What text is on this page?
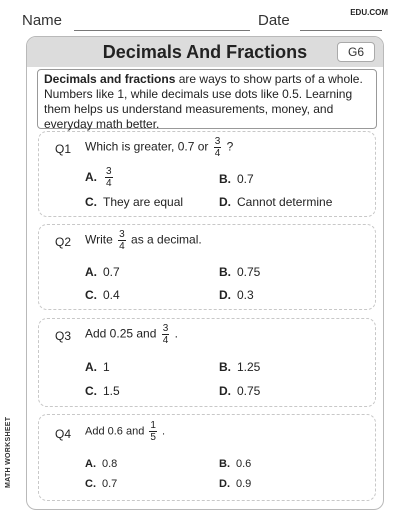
Name	Date	EDU.COM
Decimals And Fractions	G6
Decimals and fractions are ways to show parts of a whole. Numbers like 1, while decimals use dots like 0.5. Learning them helps us understand measurements, money, and everyday math better.
Q1 Which is greater, 0.7 or $\frac{3}{4}$ ?
A. $\frac{3}{4}$	B. 0.7
C. They are equal	D. Cannot determine
Q2 Write $\frac{3}{4}$ as a decimal.
A. 0.7	B. 0.75
C. 0.4	D. 0.3
Q3 Add 0.25 and $\frac{3}{4}$ .
A. 1	B. 1.25
C. 1.5	D. 0.75
Q4 Add 0.6 and $\frac{1}{5}$ .
A. 0.8	B. 0.6
C. 0.7	D. 0.9
MATH WORKSHEET
